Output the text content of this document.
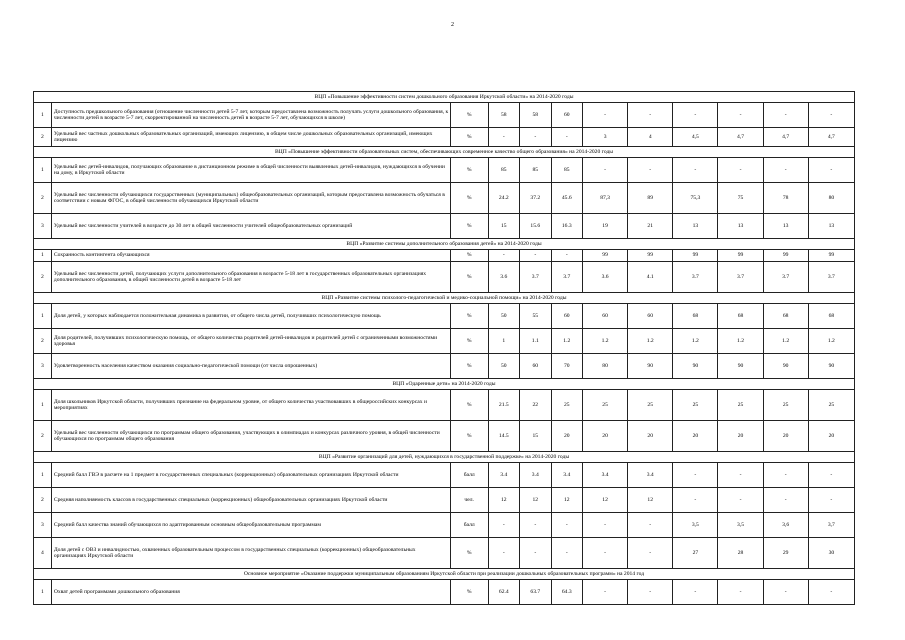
2
ВЦП «Повышение эффективности систем дошкольного образования Иркутской области» на 2014-2020 годы											
1	Доступность предшкольного образования (отношение численности детей 5-7 лет, которым предоставлена возможность получать услуги дошкольного образования, к численности детей в возрасте 5-7 лет, скорректированной на численность детей в возрасте 5-7 лет, обучающихся в школе)	%	58	58	60	-	-	-	-	-	-
2	Удельный вес частных дошкольных образовательных организаций, имеющих лицензию, в общем числе дошкольных образовательных организаций, имеющих лицензию	%	-	-	-	3	4	4,5	4,7	4,7	4,7
ВЦП «Повышение эффективности образовательных систем, обеспечивающих современное качество общего образования» на 2014-2020 годы											
1	Удельный вес детей-инвалидов, получающих образование в дистанционном режиме в общей численности выявленных детей-инвалидов, нуждающихся в обучении на дому, в Иркутской области	%	85	85	85	-	-	-	-	-	-
2	Удельный вес численности обучающихся государственных (муниципальных) общеобразовательных организаций, которым предоставлена возможность обучаться в соответствии с новым ФГОС, в общей численности обучающихся Иркутской области	%	24.2	37.2	45.6	87,3	89	75,3	75	78	80
3	Удельный вес численности учителей в возрасте до 30 лет в общей численности учителей общеобразовательных организаций	%	15	15.6	16.3	19	21	13	13	13	13
ВЦП «Развитие системы дополнительного образования детей» на 2014-2020 годы											
1	Сохранность контингента обучающихся	%	-	-	-	99	99	99	99	99	99
2	Удельный вес численности детей, получающих услуги дополнительного образования в возрасте 5-18 лет в государственных образовательных организациях дополнительного образования, в общей численности детей в возрасте 5-18 лет	%	3.6	3.7	3.7	3.6	4.1	3.7	3.7	3.7	3.7
ВЦП «Развитие системы психолого-педагогической и медико-социальной помощи» на 2014-2020 годы											
1	Доля детей, у которых наблюдается положительная динамика в развитии, от общего числа детей, получивших психологическую помощь	%	50	55	60	60	60	68	68	68	68
2	Доля родителей, получивших психологическую помощь, от общего количества родителей детей-инвалидов и родителей детей с ограниченными возможностями здоровья	%	1	1.1	1.2	1.2	1.2	1.2	1.2	1.2	1.2
3	Удовлетворенность населения качеством оказания социально-педагогической помощи (от числа опрошенных)	%	50	60	70	80	90	90	90	90	90
ВЦП «Одаренные дети» на 2014-2020 годы											
1	Доля школьников Иркутской области, получивших признание на федеральном уровне, от общего количества участвовавших в общероссийских конкурсах и мероприятиях	%	21.5	22	25	25	25	25	25	25	25
2	Удельный вес численности обучающихся по программам общего образования, участвующих в олимпиадах и конкурсах различного уровня, в общей численности обучающихся по программам общего образования	%	14.5	15	20	20	20	20	20	20	20
ВЦП «Развитие организаций для детей, нуждающихся в государственной поддержке» на 2014-2020 годы											
1	Средний балл ГВЭ в расчете на 1 предмет в государственных специальных (коррекционных) образовательных организациях Иркутской области	балл	3.4	3.4	3.4	3.4	3.4	-	-	-	-
2	Средняя наполняемость классов в государственных специальных (коррекционных) общеобразовательных организациях Иркутской области	чел.	12	12	12	12	12	-	-	-	-
3	Средний балл качества знаний обучающихся по адаптированным основным общеобразовательным программам	балл	-	-	-	-	-	3,5	3,5	3,6	3,7
4	Доля детей с ОВЗ и инвалидностью, охваченных образовательным процессом в государственных специальных (коррекционных) общеобразовательных организациях Иркутской области	%	-	-	-	-	-	27	28	29	30
Основное мероприятие «Оказание поддержки муниципальным образованиям Иркутской области при реализации дошкольных образовательных программ» на 2014 год											
1	Охват детей программами дошкольного образования	%	62.4	63.7	64.3	-	-	-	-	-	-
